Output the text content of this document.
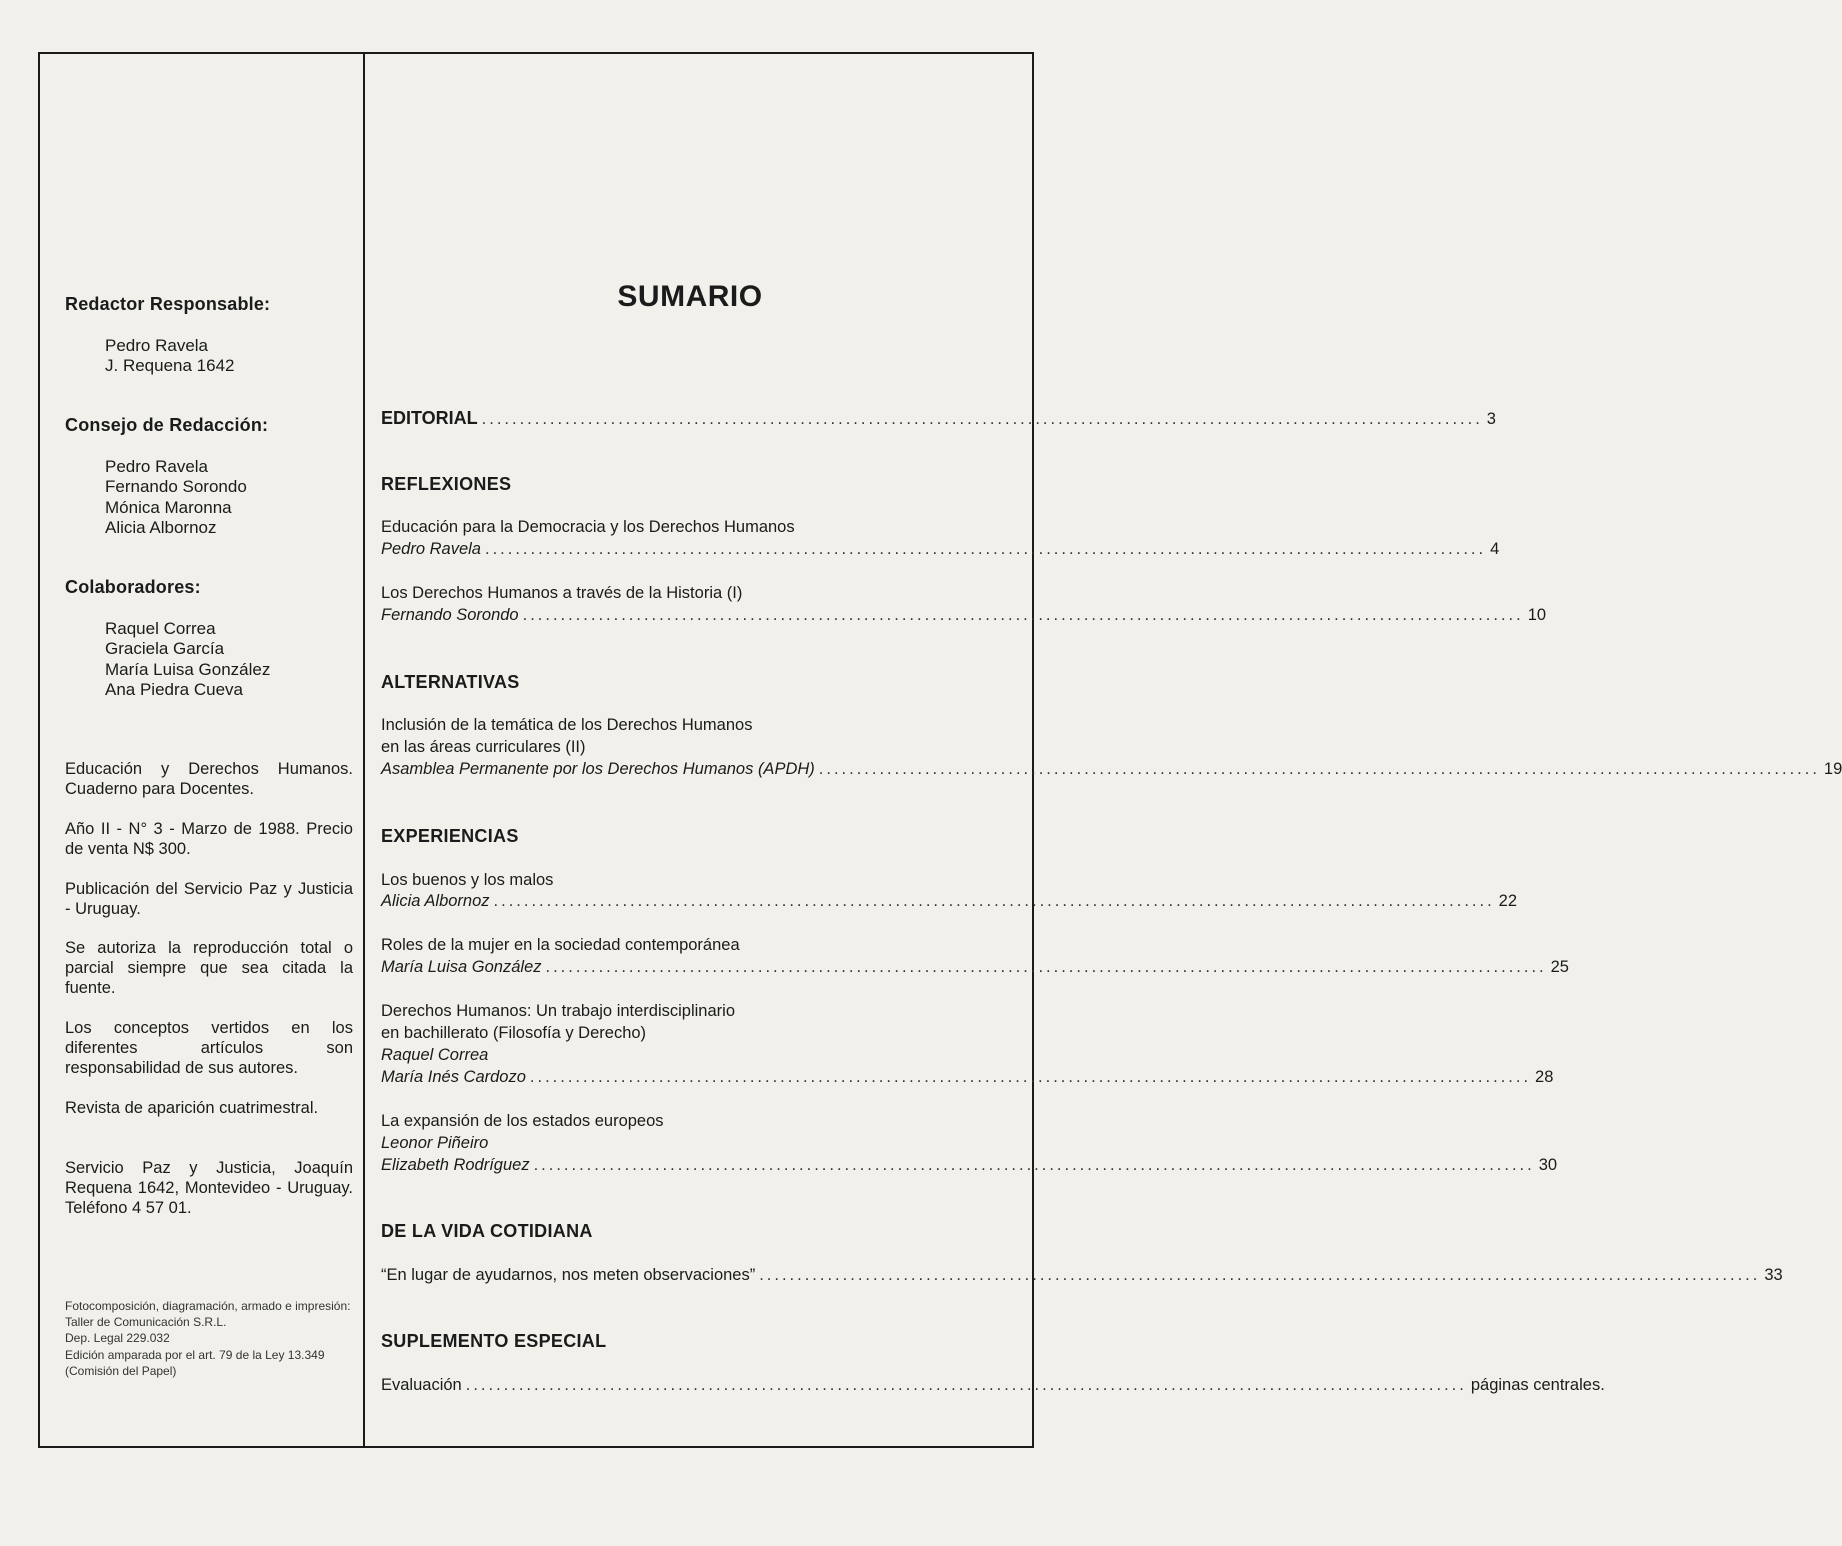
Redactor Responsable:
Pedro Ravela
J. Requena 1642
Consejo de Redacción:
Pedro Ravela
Fernando Sorondo
Mónica Maronna
Alicia Albornoz
Colaboradores:
Raquel Correa
Graciela García
María Luisa González
Ana Piedra Cueva
Educación y Derechos Humanos. Cuaderno para Docentes.
Año II - N° 3 - Marzo de 1988. Precio de venta N$ 300.
Publicación del Servicio Paz y Justicia - Uruguay.
Se autoriza la reproducción total o parcial siempre que sea citada la fuente.
Los conceptos vertidos en los diferentes artículos son responsabilidad de sus autores.
Revista de aparición cuatrimestral.
Servicio Paz y Justicia, Joaquín Requena 1642, Montevideo - Uruguay. Teléfono 4 57 01.
Fotocomposición, diagramación, armado e impresión:
Taller de Comunicación S.R.L.
Dep. Legal 229.032
Edición amparada por el art. 79 de la Ley 13.349 (Comisión del Papel)
SUMARIO
EDITORIAL .................................................................................................................................... 3
REFLEXIONES
Educación para la Democracia y los Derechos Humanos
Pedro Ravela .................................................................................................................................... 4
Los Derechos Humanos a través de la Historia (I)
Fernando Sorondo .................................................................................................................................... 10
ALTERNATIVAS
Inclusión de la temática de los Derechos Humanos
en las áreas curriculares (II)
Asamblea Permanente por los Derechos Humanos (APDH) .................................................................................................................................... 19
EXPERIENCIAS
Los buenos y los malos
Alicia Albornoz .................................................................................................................................... 22
Roles de la mujer en la sociedad contemporánea
María Luisa González .................................................................................................................................... 25
Derechos Humanos: Un trabajo interdisciplinario
en bachillerato (Filosofía y Derecho)
Raquel Correa
María Inés Cardozo .................................................................................................................................... 28
La expansión de los estados europeos
Leonor Piñeiro
Elizabeth Rodríguez .................................................................................................................................... 30
DE LA VIDA COTIDIANA
“En lugar de ayudarnos, nos meten observaciones” .................................................................................................................................... 33
SUPLEMENTO ESPECIAL
Evaluación .................................................................................................................................... páginas centrales.
